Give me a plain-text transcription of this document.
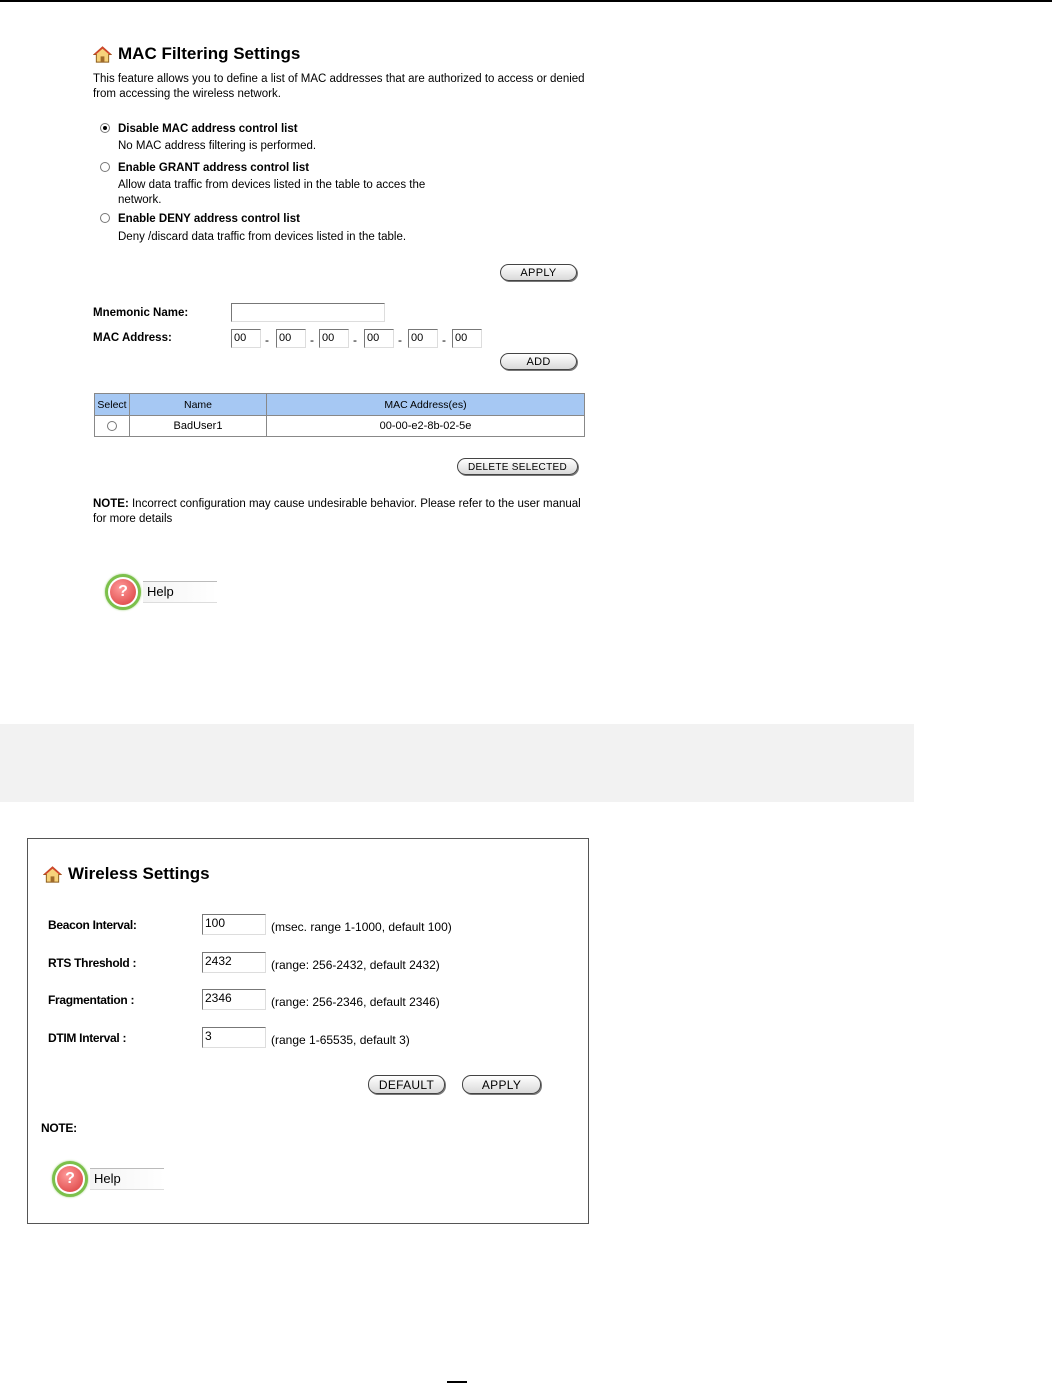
MAC Filtering Settings
This feature allows you to define a list of MAC addresses that are authorized to access or denied
from accessing the wireless network.
Disable MAC address control list
No MAC address filtering is performed.
Enable GRANT address control list
Allow data traffic from devices listed in the table to acces the
network.
Enable DENY address control list
Deny /discard data traffic from devices listed in the table.
APPLY
Mnemonic Name:
MAC Address:	00	- 00	- 00	- 00	- 00	- 00
ADD
Select	Name	MAC Address(es)
	BadUser1	00-00-e2-8b-02-5e
DELETE SELECTED
NOTE: Incorrect configuration may cause undesirable behavior. Please refer to the user manual
for more details
?	Help
Wireless Settings
Beacon Interval:	100	(msec. range 1-1000, default 100)
RTS Threshold :	2432	(range: 256-2432, default 2432)
Fragmentation :	2346	(range: 256-2346, default 2346)
DTIM Interval :	3	(range 1-65535, default 3)
DEFAULT	APPLY
NOTE:
?	Help
